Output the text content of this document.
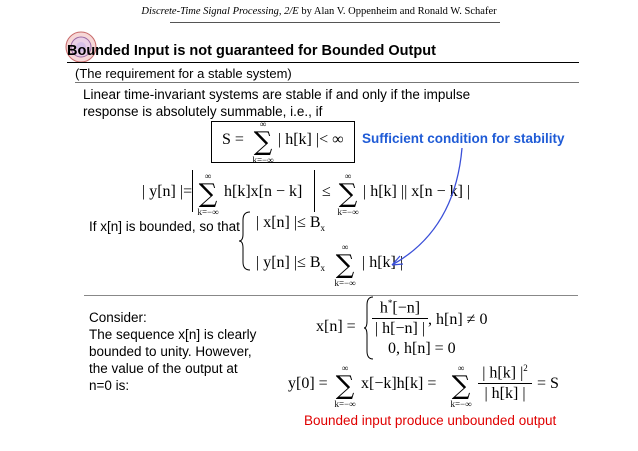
Discrete-Time Signal Processing, 2/E by Alan V. Oppenheim and Ronald W. Schafer
Bounded Input is not guaranteed for Bounded Output
(The requirement for a stable system)
Linear time-invariant systems are stable if and only if the impulse
response is absolutely summable, i.e., if
S =
∞
∑
k=−∞
| h[k] |< ∞ Sufficient condition for stability
| y[n] |=
∞
∑
k=−∞
h[k]x[n − k] ≤
∞
∑
k=−∞
| h[k] || x[n − k] |
If x[n] is bounded, so that | x[n] |≤ $B_x$
| y[n] |≤ $B_x$
∞
∑
k=−∞
| h[k] |
Consider:
The sequence x[n] is clearly
bounded to unity. However,
the value of the output at
n=0 is:
x[n] =
h*[−n]
| h[−n] |
, h[n] ≠ 0
0, h[n] = 0
y[0] =
∞
∑
k=−∞
x[−k]h[k] =
∞
∑
k=−∞
| h[k] $|^2$
| h[k] |
= S
Bounded input produce unbounded output
